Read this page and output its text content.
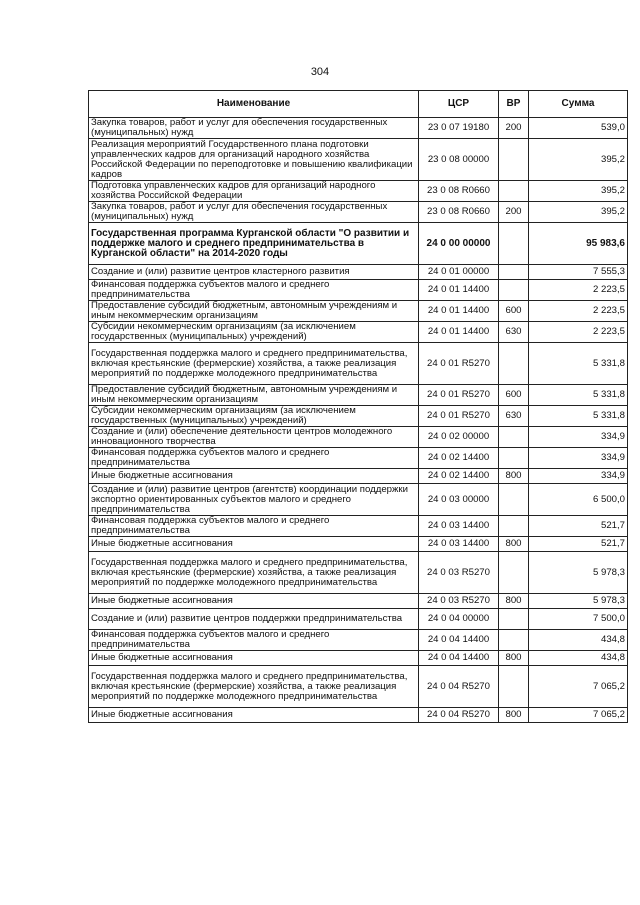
304
Наименование	ЦСР	ВР	Сумма
Закупка товаров, работ и услуг для обеспечения государственных (муниципальных) нужд	23 0 07 19180	200	539,0
Реализация мероприятий Государственного плана подготовки управленческих кадров для организаций народного хозяйства Российской Федерации по переподготовке и повышению квалификации кадров	23 0 08 00000		395,2
Подготовка управленческих кадров для организаций народного хозяйства Российской Федерации	23 0 08 R0660		395,2
Закупка товаров, работ и услуг для обеспечения государственных (муниципальных) нужд	23 0 08 R0660	200	395,2
Государственная программа Курганской области "О развитии и поддержке малого и среднего предпринимательства в Курганской области" на 2014-2020 годы	24 0 00 00000		95 983,6
Создание и (или) развитие центров кластерного развития	24 0 01 00000		7 555,3
Финансовая поддержка субъектов малого и среднего предпринимательства	24 0 01 14400		2 223,5
Предоставление субсидий бюджетным, автономным учреждениям и иным некоммерческим организациям	24 0 01 14400	600	2 223,5
Субсидии некоммерческим организациям (за исключением государственных (муниципальных) учреждений)	24 0 01 14400	630	2 223,5
Государственная поддержка малого и среднего предпринимательства, включая крестьянские (фермерские) хозяйства, а также реализация мероприятий по поддержке молодежного предпринимательства	24 0 01 R5270		5 331,8
Предоставление субсидий бюджетным, автономным учреждениям и иным некоммерческим организациям	24 0 01 R5270	600	5 331,8
Субсидии некоммерческим организациям (за исключением государственных (муниципальных) учреждений)	24 0 01 R5270	630	5 331,8
Создание и (или) обеспечение деятельности центров молодежного инновационного творчества	24 0 02 00000		334,9
Финансовая поддержка субъектов малого и среднего предпринимательства	24 0 02 14400		334,9
Иные бюджетные ассигнования	24 0 02 14400	800	334,9
Создание и (или) развитие центров (агентств) координации поддержки экспортно ориентированных субъектов малого и среднего предпринимательства	24 0 03 00000		6 500,0
Финансовая поддержка субъектов малого и среднего предпринимательства	24 0 03 14400		521,7
Иные бюджетные ассигнования	24 0 03 14400	800	521,7
Государственная поддержка малого и среднего предпринимательства, включая крестьянские (фермерские) хозяйства, а также реализация мероприятий по поддержке молодежного предпринимательства	24 0 03 R5270		5 978,3
Иные бюджетные ассигнования	24 0 03 R5270	800	5 978,3
Создание и (или) развитие центров поддержки предпринимательства	24 0 04 00000		7 500,0
Финансовая поддержка субъектов малого и среднего предпринимательства	24 0 04 14400		434,8
Иные бюджетные ассигнования	24 0 04 14400	800	434,8
Государственная поддержка малого и среднего предпринимательства, включая крестьянские (фермерские) хозяйства, а также реализация мероприятий по поддержке молодежного предпринимательства	24 0 04 R5270		7 065,2
Иные бюджетные ассигнования	24 0 04 R5270	800	7 065,2
